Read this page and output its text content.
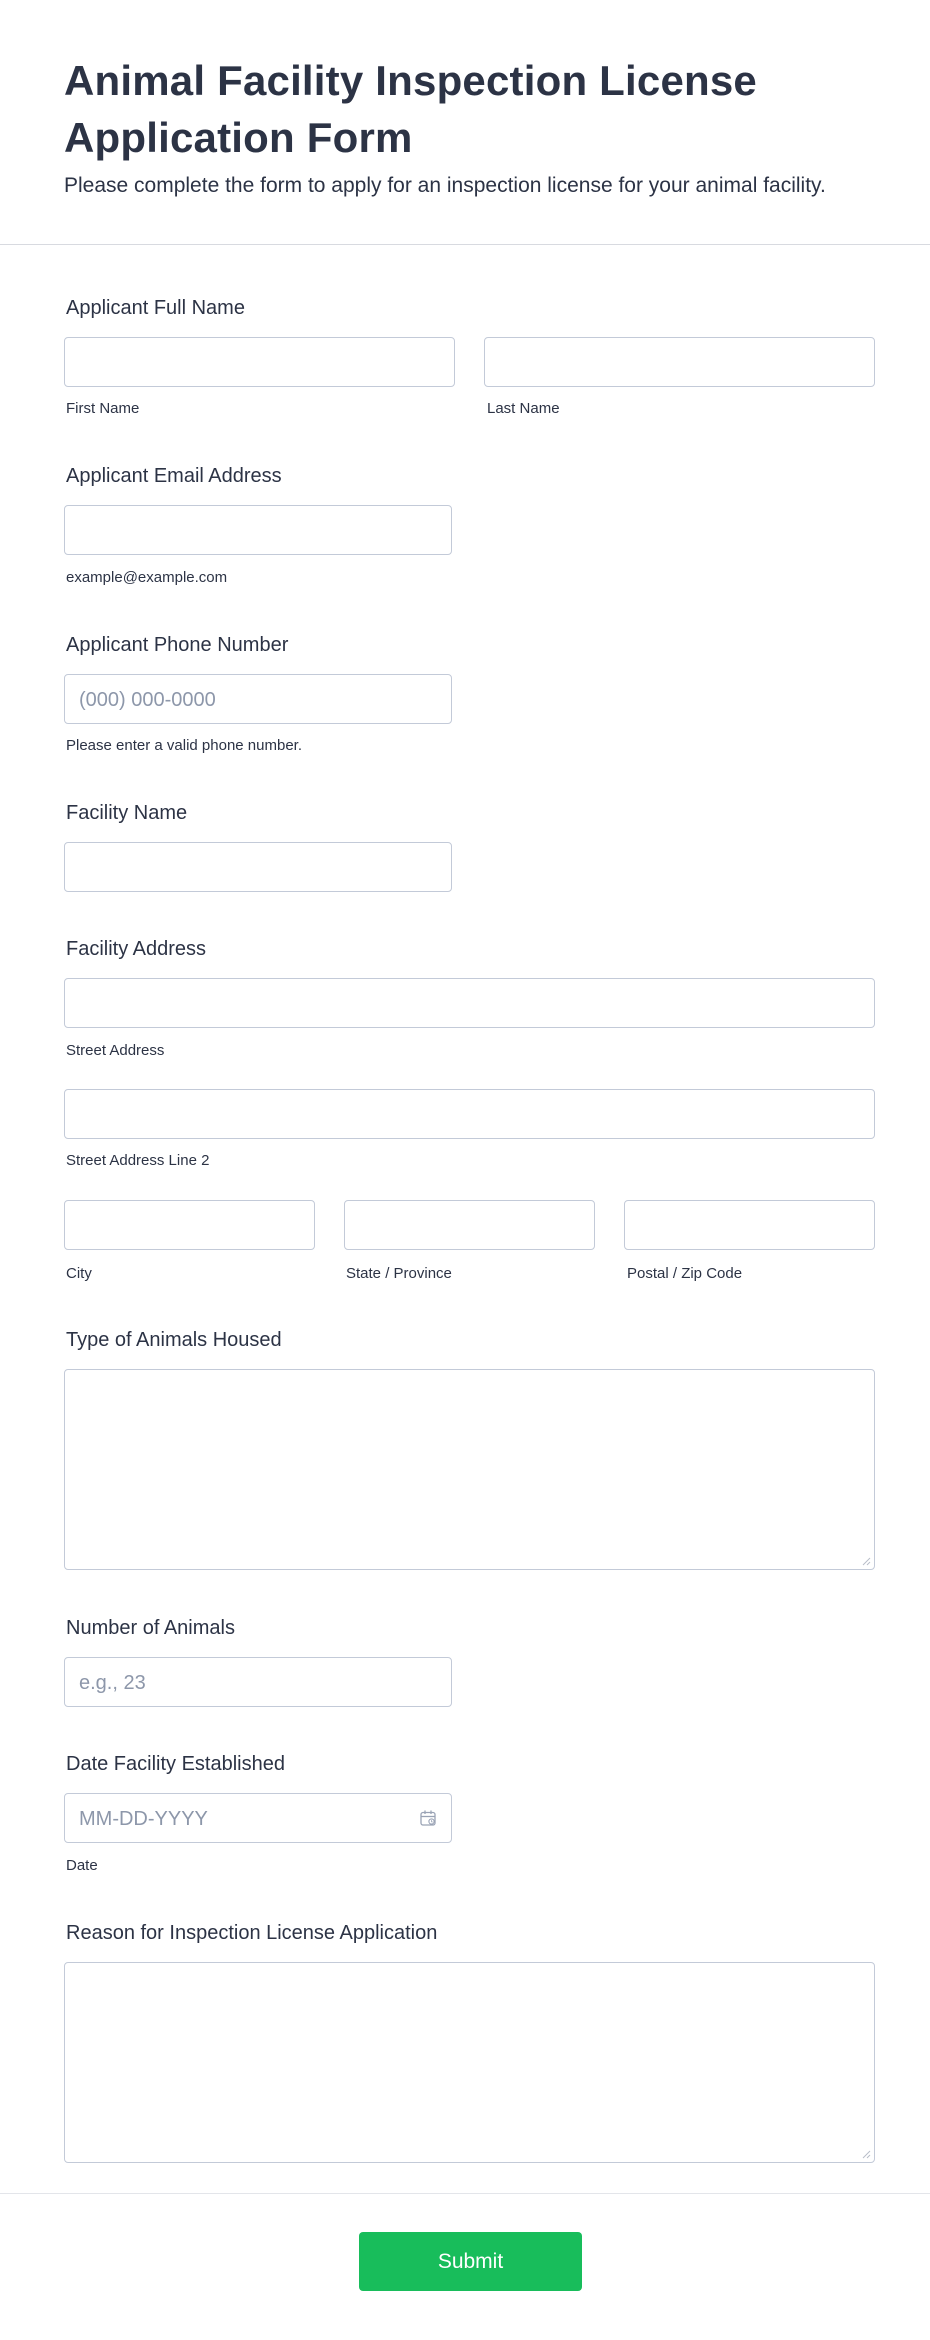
Animal Facility Inspection License Application Form
Please complete the form to apply for an inspection license for your animal facility.
Applicant Full Name
First Name	Last Name
Applicant Email Address
example@example.com
Applicant Phone Number
(000) 000-0000
Please enter a valid phone number.
Facility Name
Facility Address
Street Address
Street Address Line 2
City	State / Province	Postal / Zip Code
Type of Animals Housed
Number of Animals
e.g., 23
Date Facility Established
MM-DD-YYYY
Date
Reason for Inspection License Application
Submit
